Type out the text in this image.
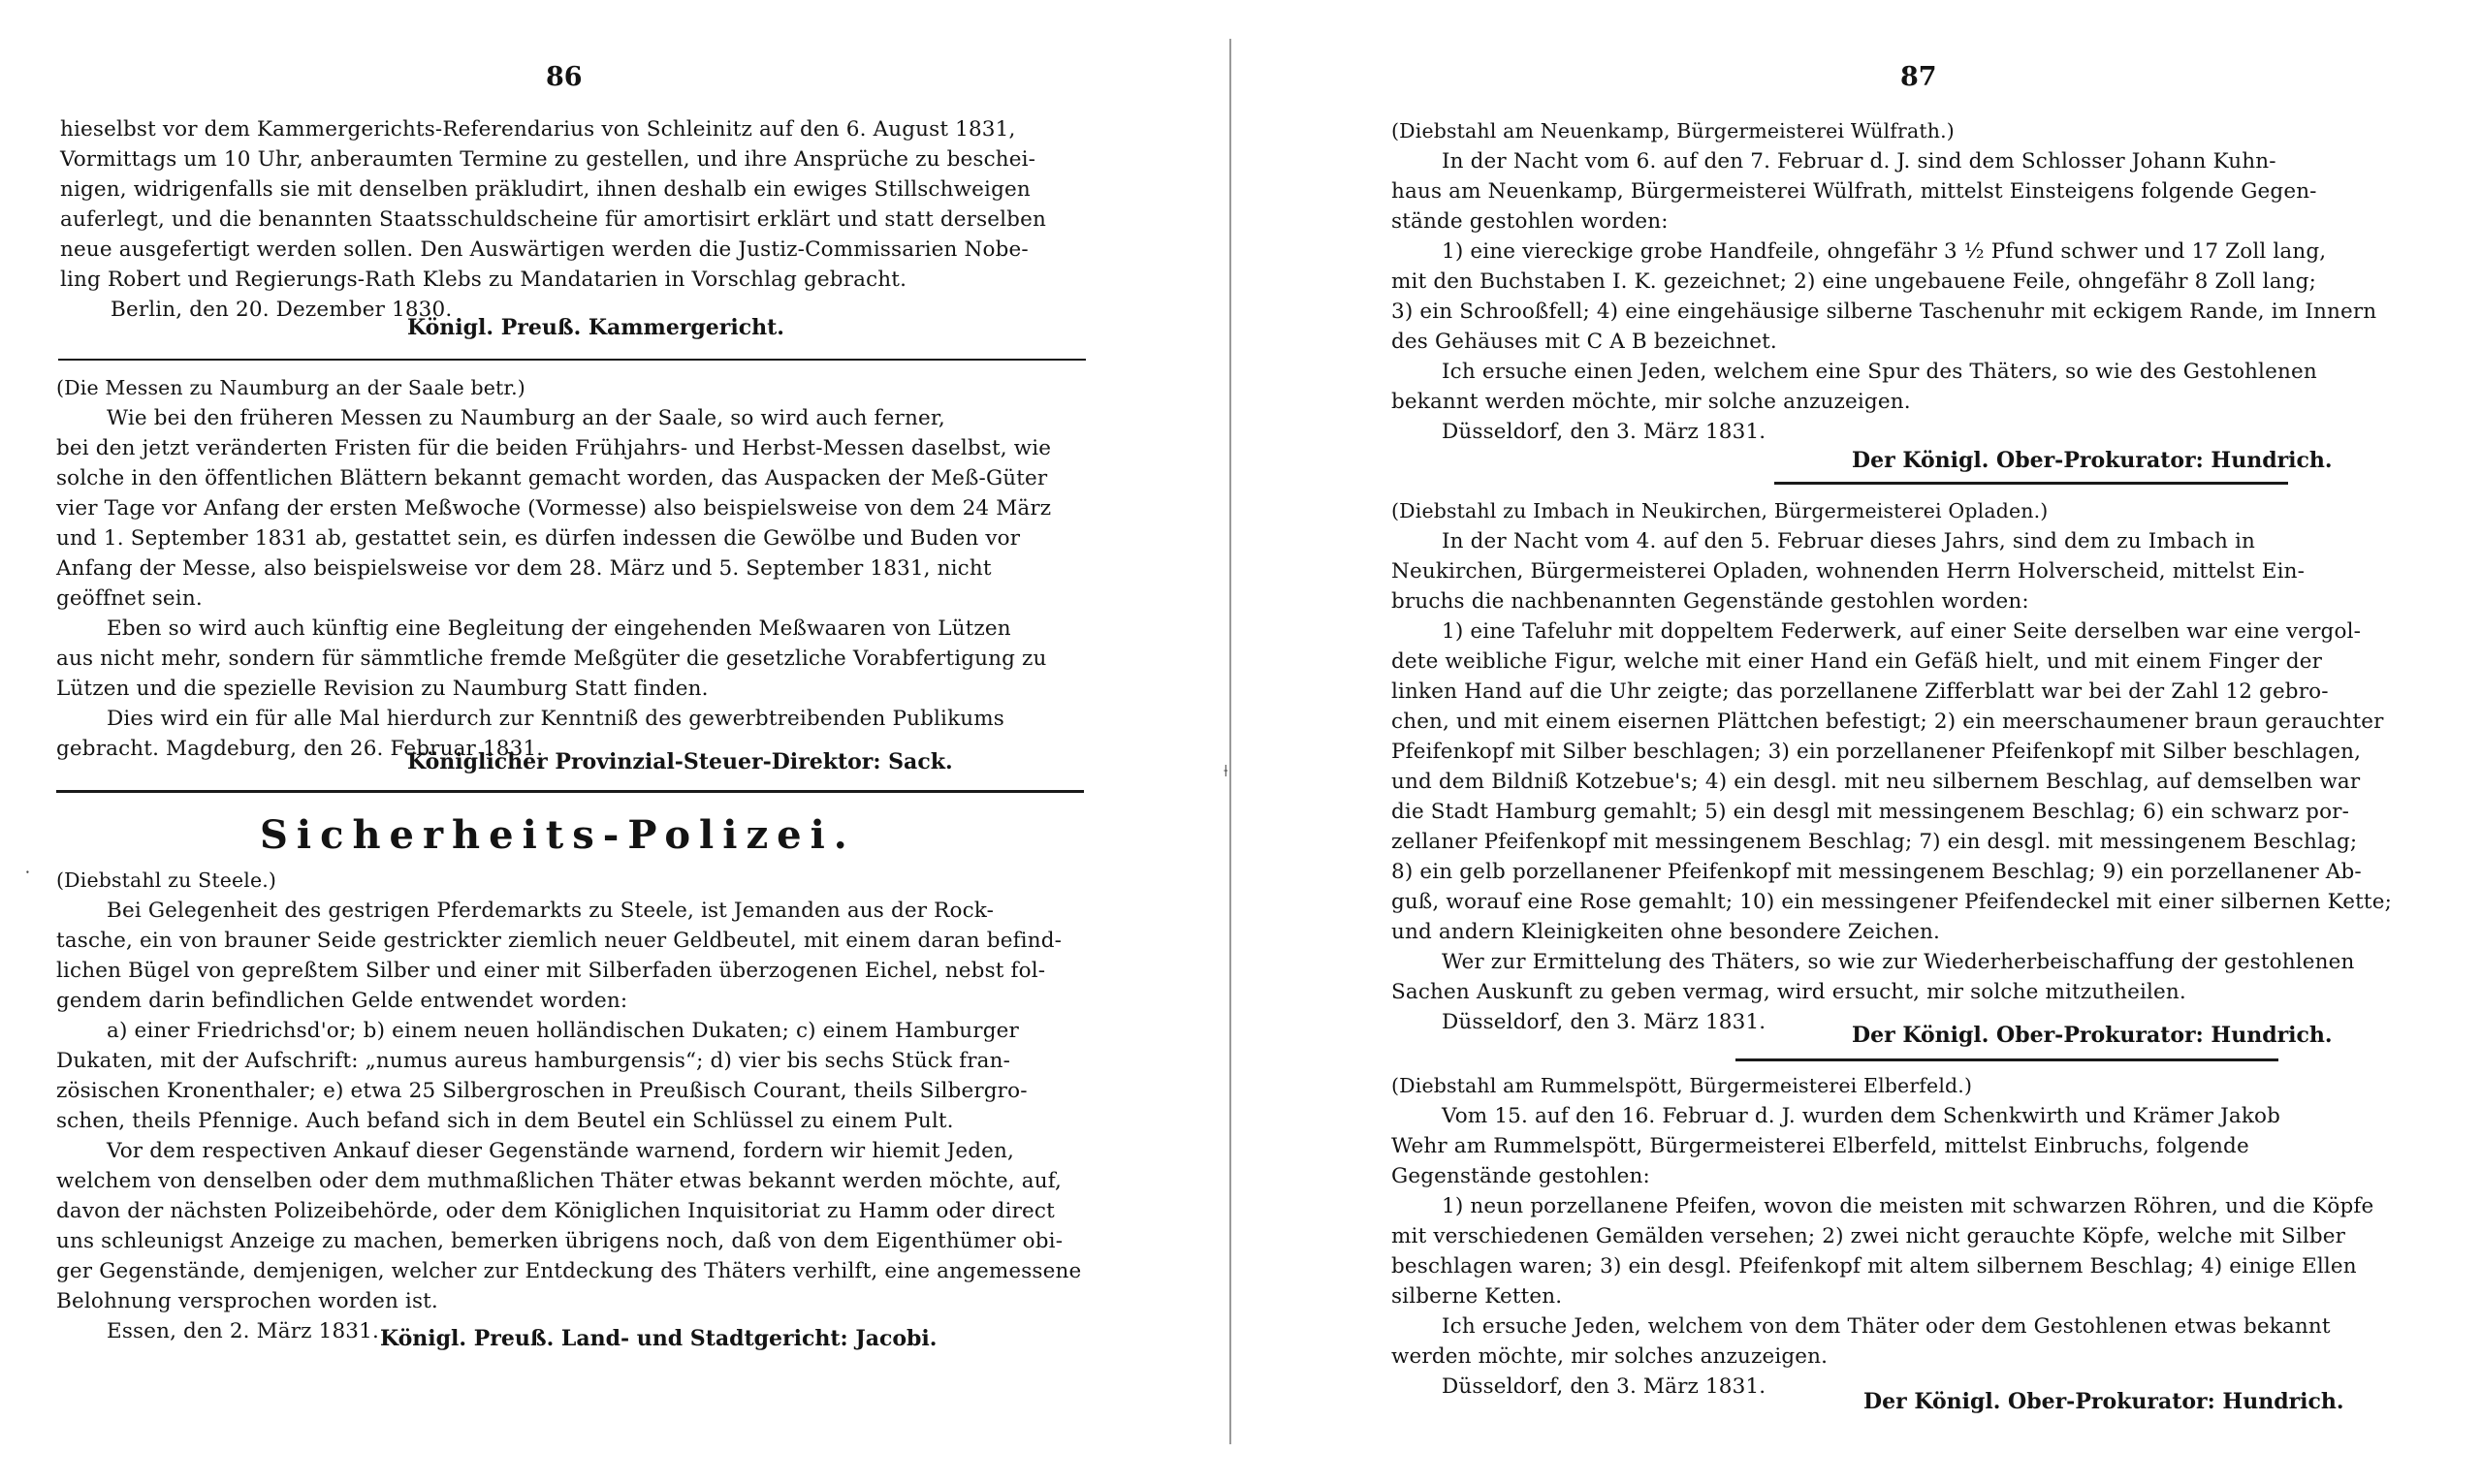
86
hieselbst vor dem Kammergerichts-Referendarius von Schleinitz auf den 6. August 1831,
Vormittags um 10 Uhr, anberaumten Termine zu gestellen, und ihre Ansprüche zu beschei-
nigen, widrigenfalls sie mit denselben präkludirt, ihnen deshalb ein ewiges Stillschweigen
auferlegt, und die benannten Staatsschuldscheine für amortisirt erklärt und statt derselben
neue ausgefertigt werden sollen. Den Auswärtigen werden die Justiz-Commissarien Nobe-
ling Robert und Regierungs-Rath Klebs zu Mandatarien in Vorschlag gebracht.
Berlin, den 20. Dezember 1830.
Königl. Preuß. Kammergericht.
(Die Messen zu Naumburg an der Saale betr.)
Wie bei den früheren Messen zu Naumburg an der Saale, so wird auch ferner,
bei den jetzt veränderten Fristen für die beiden Frühjahrs- und Herbst-Messen daselbst, wie
solche in den öffentlichen Blättern bekannt gemacht worden, das Auspacken der Meß-Güter
vier Tage vor Anfang der ersten Meßwoche (Vormesse) also beispielsweise von dem 24 März
und 1. September 1831 ab, gestattet sein, es dürfen indessen die Gewölbe und Buden vor
Anfang der Messe, also beispielsweise vor dem 28. März und 5. September 1831, nicht
geöffnet sein.
Eben so wird auch künftig eine Begleitung der eingehenden Meßwaaren von Lützen
aus nicht mehr, sondern für sämmtliche fremde Meßgüter die gesetzliche Vorabfertigung zu
Lützen und die spezielle Revision zu Naumburg Statt finden.
Dies wird ein für alle Mal hierdurch zur Kenntniß des gewerbtreibenden Publikums
gebracht. Magdeburg, den 26. Februar 1831.
Königlicher Provinzial-Steuer-Direktor: Sack.
Sicherheits-Polizei.
⸱ (Diebstahl zu Steele.)
Bei Gelegenheit des gestrigen Pferdemarkts zu Steele, ist Jemanden aus der Rock-
tasche, ein von brauner Seide gestrickter ziemlich neuer Geldbeutel, mit einem daran befind-
lichen Bügel von gepreßtem Silber und einer mit Silberfaden überzogenen Eichel, nebst fol-
gendem darin befindlichen Gelde entwendet worden:
a) einer Friedrichsd'or; b) einem neuen holländischen Dukaten; c) einem Hamburger
Dukaten, mit der Aufschrift: „numus aureus hamburgensis“; d) vier bis sechs Stück fran-
zösischen Kronenthaler; e) etwa 25 Silbergroschen in Preußisch Courant, theils Silbergro-
schen, theils Pfennige. Auch befand sich in dem Beutel ein Schlüssel zu einem Pult.
Vor dem respectiven Ankauf dieser Gegenstände warnend, fordern wir hiemit Jeden,
welchem von denselben oder dem muthmaßlichen Thäter etwas bekannt werden möchte, auf,
davon der nächsten Polizeibehörde, oder dem Königlichen Inquisitoriat zu Hamm oder direct
uns schleunigst Anzeige zu machen, bemerken übrigens noch, daß von dem Eigenthümer obi-
ger Gegenstände, demjenigen, welcher zur Entdeckung des Thäters verhilft, eine angemessene
Belohnung versprochen worden ist.
Essen, den 2. März 1831. Königl. Preuß. Land- und Stadtgericht: Jacobi.
⟊
87
(Diebstahl am Neuenkamp, Bürgermeisterei Wülfrath.)
In der Nacht vom 6. auf den 7. Februar d. J. sind dem Schlosser Johann Kuhn-
haus am Neuenkamp, Bürgermeisterei Wülfrath, mittelst Einsteigens folgende Gegen-
stände gestohlen worden:
1) eine viereckige grobe Handfeile, ohngefähr 3 ½ Pfund schwer und 17 Zoll lang,
mit den Buchstaben I. K. gezeichnet; 2) eine ungebauene Feile, ohngefähr 8 Zoll lang;
3) ein Schrooßfell; 4) eine eingehäusige silberne Taschenuhr mit eckigem Rande, im Innern
des Gehäuses mit C A B bezeichnet.
Ich ersuche einen Jeden, welchem eine Spur des Thäters, so wie des Gestohlenen
bekannt werden möchte, mir solche anzuzeigen.
Düsseldorf, den 3. März 1831.
Der Königl. Ober-Prokurator: Hundrich.
(Diebstahl zu Imbach in Neukirchen, Bürgermeisterei Opladen.)
In der Nacht vom 4. auf den 5. Februar dieses Jahrs, sind dem zu Imbach in
Neukirchen, Bürgermeisterei Opladen, wohnenden Herrn Holverscheid, mittelst Ein-
bruchs die nachbenannten Gegenstände gestohlen worden:
1) eine Tafeluhr mit doppeltem Federwerk, auf einer Seite derselben war eine vergol-
dete weibliche Figur, welche mit einer Hand ein Gefäß hielt, und mit einem Finger der
linken Hand auf die Uhr zeigte; das porzellanene Zifferblatt war bei der Zahl 12 gebro-
chen, und mit einem eisernen Plättchen befestigt; 2) ein meerschaumener braun gerauchter
Pfeifenkopf mit Silber beschlagen; 3) ein porzellanener Pfeifenkopf mit Silber beschlagen,
und dem Bildniß Kotzebue's; 4) ein desgl. mit neu silbernem Beschlag, auf demselben war
die Stadt Hamburg gemahlt; 5) ein desgl mit messingenem Beschlag; 6) ein schwarz por-
zellaner Pfeifenkopf mit messingenem Beschlag; 7) ein desgl. mit messingenem Beschlag;
8) ein gelb porzellanener Pfeifenkopf mit messingenem Beschlag; 9) ein porzellanener Ab-
guß, worauf eine Rose gemahlt; 10) ein messingener Pfeifendeckel mit einer silbernen Kette;
und andern Kleinigkeiten ohne besondere Zeichen.
Wer zur Ermittelung des Thäters, so wie zur Wiederherbeischaffung der gestohlenen
Sachen Auskunft zu geben vermag, wird ersucht, mir solche mitzutheilen.
Düsseldorf, den 3. März 1831.
Der Königl. Ober-Prokurator: Hundrich.
(Diebstahl am Rummelspött, Bürgermeisterei Elberfeld.)
Vom 15. auf den 16. Februar d. J. wurden dem Schenkwirth und Krämer Jakob
Wehr am Rummelspött, Bürgermeisterei Elberfeld, mittelst Einbruchs, folgende
Gegenstände gestohlen:
1) neun porzellanene Pfeifen, wovon die meisten mit schwarzen Röhren, und die Köpfe
mit verschiedenen Gemälden versehen; 2) zwei nicht gerauchte Köpfe, welche mit Silber
beschlagen waren; 3) ein desgl. Pfeifenkopf mit altem silbernem Beschlag; 4) einige Ellen
silberne Ketten.
Ich ersuche Jeden, welchem von dem Thäter oder dem Gestohlenen etwas bekannt
werden möchte, mir solches anzuzeigen.
Düsseldorf, den 3. März 1831.
Der Königl. Ober-Prokurator: Hundrich.
